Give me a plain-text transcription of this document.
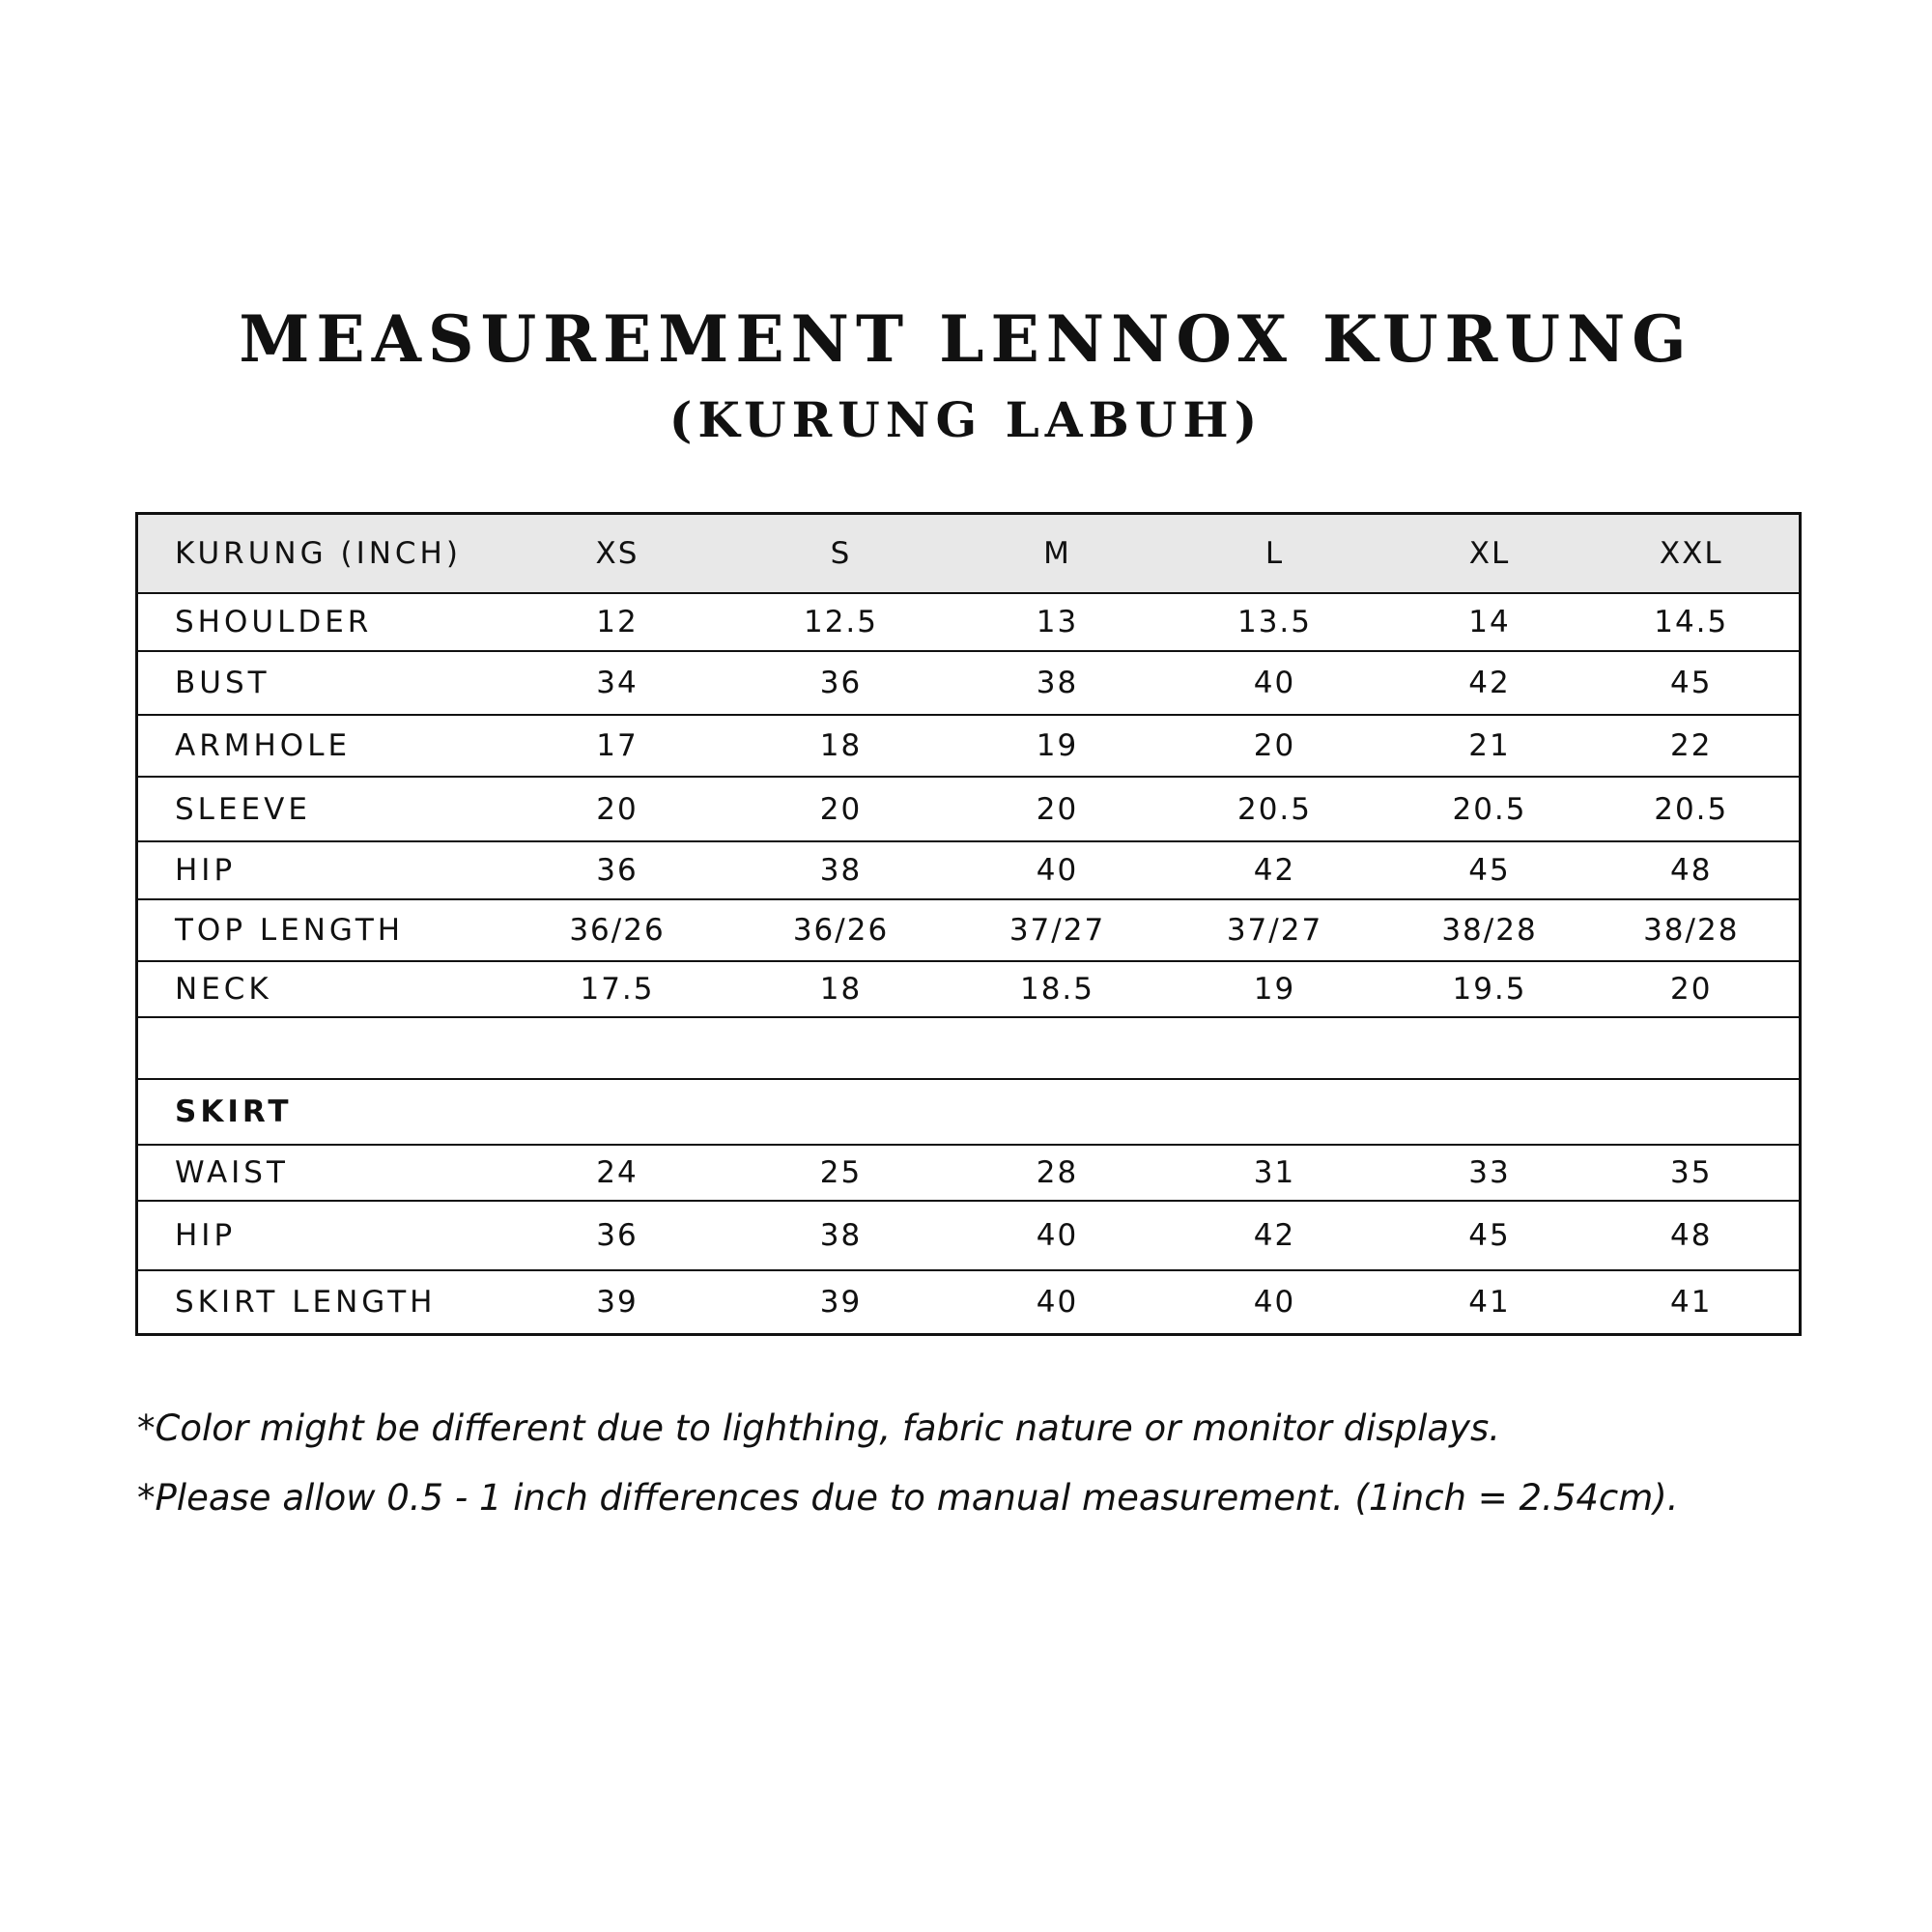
MEASUREMENT LENNOX KURUNG
(KURUNG LABUH)
KURUNG (INCH)	XS	S	M	L	XL	XXL
SHOULDER	12	12.5	13	13.5	14	14.5
BUST	34	36	38	40	42	45
ARMHOLE	17	18	19	20	21	22
SLEEVE	20	20	20	20.5	20.5	20.5
HIP	36	38	40	42	45	48
TOP LENGTH	36/26	36/26	37/27	37/27	38/28	38/28
NECK	17.5	18	18.5	19	19.5	20

SKIRT						
WAIST	24	25	28	31	33	35
HIP	36	38	40	42	45	48
SKIRT LENGTH	39	39	40	40	41	41

*Color might be different due to lighthing, fabric nature or monitor displays.

*Please allow 0.5 - 1 inch differences due to manual measurement. (1inch = 2.54cm).
